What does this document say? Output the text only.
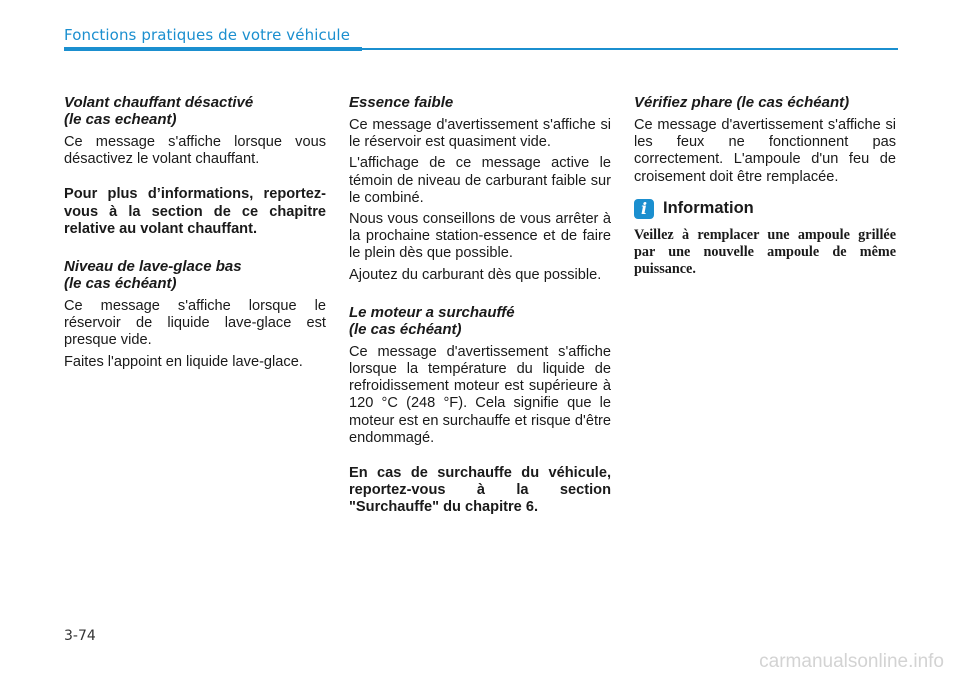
Fonctions pratiques de votre véhicule
Volant chauffant désactivé
(le cas echeant)

Ce message s'affiche lorsque vous désactivez le volant chauffant.

Pour plus d’informations, reportez-vous à la section de ce chapitre relative au volant chauffant.

Niveau de lave-glace bas
(le cas échéant)

Ce message s'affiche lorsque le réservoir de liquide lave-glace est presque vide.

Faites l'appoint en liquide lave-glace.

Essence faible

Ce message d'avertissement s'affiche si le réservoir est quasiment vide.

L'affichage de ce message active le témoin de niveau de carburant faible sur le combiné.

Nous vous conseillons de vous arrêter à la prochaine station-essence et de faire le plein dès que possible.

Ajoutez du carburant dès que possible.

Le moteur a surchauffé
(le cas échéant)

Ce message d'avertissement s'affiche lorsque la température du liquide de refroidissement moteur est supérieure à 120 °C (248 °F). Cela signifie que le moteur est en surchauffe et risque d'être endommagé.

En cas de surchauffe du véhicule, reportez-vous à la section "Surchauffe" du chapitre 6.

Vérifiez phare (le cas échéant)

Ce message d'avertissement s'affiche si les feux ne fonctionnent pas correctement. L'ampoule d'un feu de croisement doit être remplacée.

i Information
Veillez à remplacer une ampoule grillée par une nouvelle ampoule de même puissance.
3-74
carmanualsonline.info
